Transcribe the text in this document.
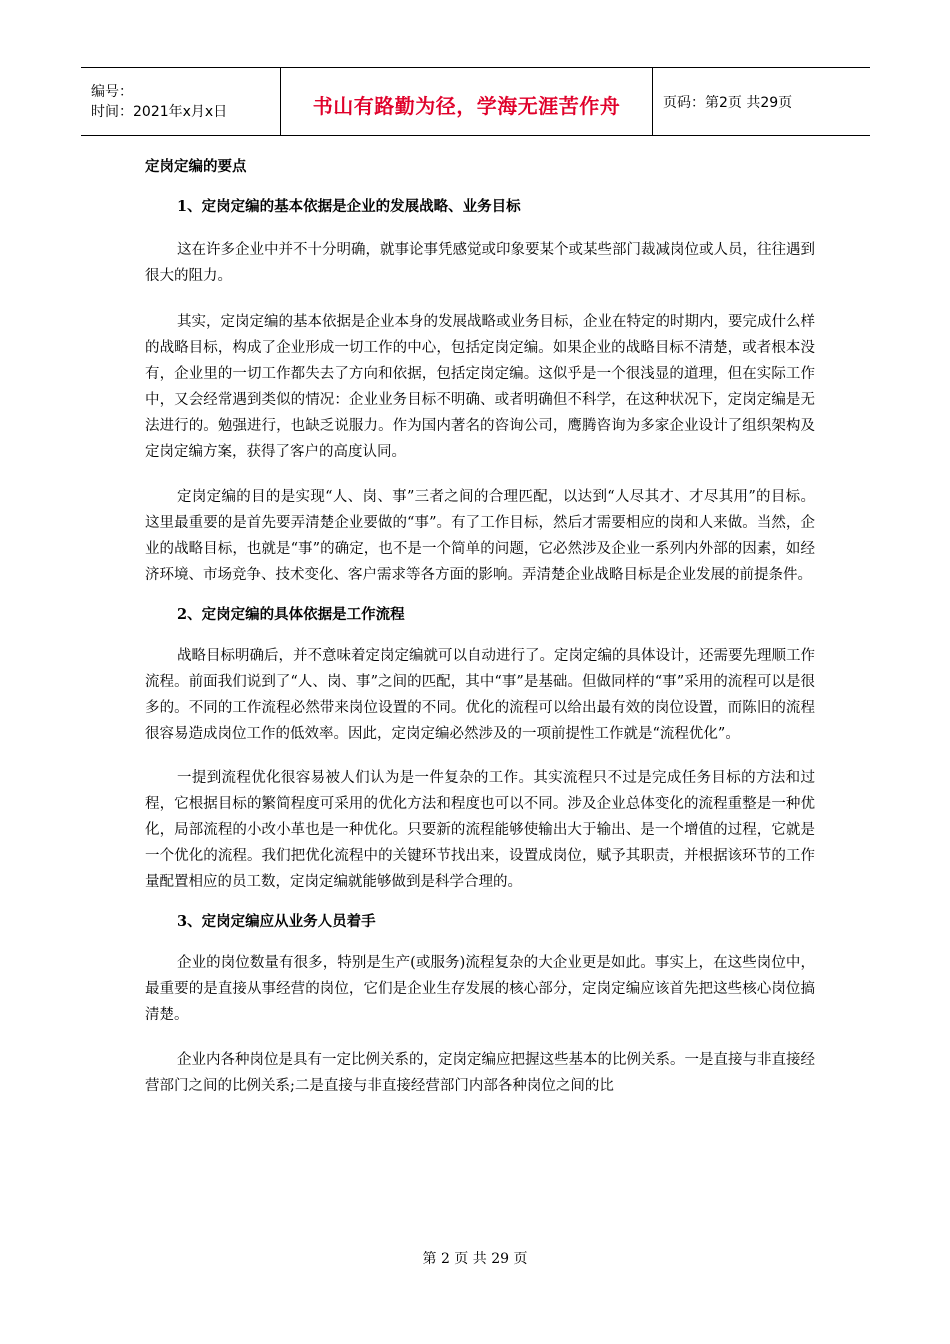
编号：
时间：2021年x月x日	书山有路勤为径，学海无涯苦作舟	页码：第2页 共29页

定岗定编的要点

1、定岗定编的基本依据是企业的发展战略、业务目标

这在许多企业中并不十分明确，就事论事凭感觉或印象要某个或某些部门裁减岗位或人员，往往遇到很大的阻力。

其实，定岗定编的基本依据是企业本身的发展战略或业务目标，企业在特定的时期内，要完成什么样的战略目标，构成了企业形成一切工作的中心，包括定岗定编。如果企业的战略目标不清楚，或者根本没有，企业里的一切工作都失去了方向和依据，包括定岗定编。这似乎是一个很浅显的道理，但在实际工作中，又会经常遇到类似的情况：企业业务目标不明确、或者明确但不科学，在这种状况下，定岗定编是无法进行的。勉强进行，也缺乏说服力。作为国内著名的咨询公司，鹰腾咨询为多家企业设计了组织架构及定岗定编方案，获得了客户的高度认同。

定岗定编的目的是实现“人、岗、事”三者之间的合理匹配，以达到“人尽其才、才尽其用”的目标。这里最重要的是首先要弄清楚企业要做的“事”。有了工作目标，然后才需要相应的岗和人来做。当然，企业的战略目标，也就是“事”的确定，也不是一个简单的问题，它必然涉及企业一系列内外部的因素，如经济环境、市场竞争、技术变化、客户需求等各方面的影响。弄清楚企业战略目标是企业发展的前提条件。

2、定岗定编的具体依据是工作流程

战略目标明确后，并不意味着定岗定编就可以自动进行了。定岗定编的具体设计，还需要先理顺工作流程。前面我们说到了“人、岗、事”之间的匹配，其中“事”是基础。但做同样的“事”采用的流程可以是很多的。不同的工作流程必然带来岗位设置的不同。优化的流程可以给出最有效的岗位设置，而陈旧的流程很容易造成岗位工作的低效率。因此，定岗定编必然涉及的一项前提性工作就是“流程优化”。

一提到流程优化很容易被人们认为是一件复杂的工作。其实流程只不过是完成任务目标的方法和过程，它根据目标的繁简程度可采用的优化方法和程度也可以不同。涉及企业总体变化的流程重整是一种优化，局部流程的小改小革也是一种优化。只要新的流程能够使输出大于输出、是一个增值的过程，它就是一个优化的流程。我们把优化流程中的关键环节找出来，设置成岗位，赋予其职责，并根据该环节的工作量配置相应的员工数，定岗定编就能够做到是科学合理的。

3、定岗定编应从业务人员着手

企业的岗位数量有很多，特别是生产(或服务)流程复杂的大企业更是如此。事实上，在这些岗位中，最重要的是直接从事经营的岗位，它们是企业生存发展的核心部分，定岗定编应该首先把这些核心岗位搞清楚。

企业内各种岗位是具有一定比例关系的，定岗定编应把握这些基本的比例关系。一是直接与非直接经营部门之间的比例关系;二是直接与非直接经营部门内部各种岗位之间的比

第 2 页 共 29 页
